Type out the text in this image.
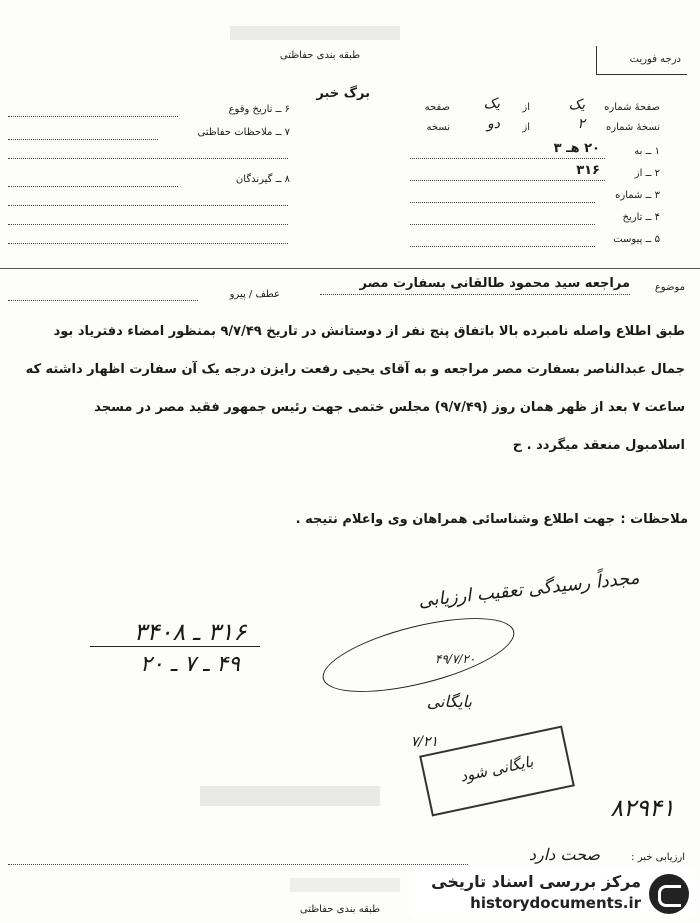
طبقه بندی حفاظتی	درجه فوریت
برگ خبر
۶ ــ تاریخ وقوع
۷ ــ ملاحظات حفاظتی
۸ ــ گیرندگان
صفحهٔ شماره
یک
از
یک
صفحه
نسخهٔ شماره
۲
از
دو
نسخه
۱ ــ به
۲۰ هـ ۳
۲ ــ از
۳۱۶
۳ ــ شماره
۴ ــ تاریخ
۵ ــ پیوست
موضوع
مراجعه سید محمود طالقانی بسفارت مصر
عطف / پیرو
طبق اطلاع واصله نامبرده بالا باتفاق پنج نفر از دوستانش در تاریخ ۹/۷/۴۹ بمنظور امضاء دفتریاد بود
جمال عبدالناصر بسفارت مصر مراجعه و به آقای یحیی رفعت رایزن درجه یک آن سفارت اظهار داشته که
ساعت ۷ بعد از ظهر همان روز (۹/۷/۴۹) مجلس ختمی جهت رئیس جمهور فقید مصر در مسجد
اسلامبول منعقد میگردد . ح
ملاحظات :
جهت اطلاع وشناسائی همراهان وی واعلام نتیجه .
مجدداً رسیدگی تعقیب ارزیابی
۳۱۶ ـ ۳۴۰۸
۴۹ ـ ۷ ـ ۲۰	۴۹/۷/۲۰
بایگانی
۷/۲۱
بایگانی شود
۸۲۹۴۱
ارزیابی خبر :
صحت دارد
طبقه بندی حفاظتی
مرکز بررسی اسناد تاریخی
historydocuments.ir
